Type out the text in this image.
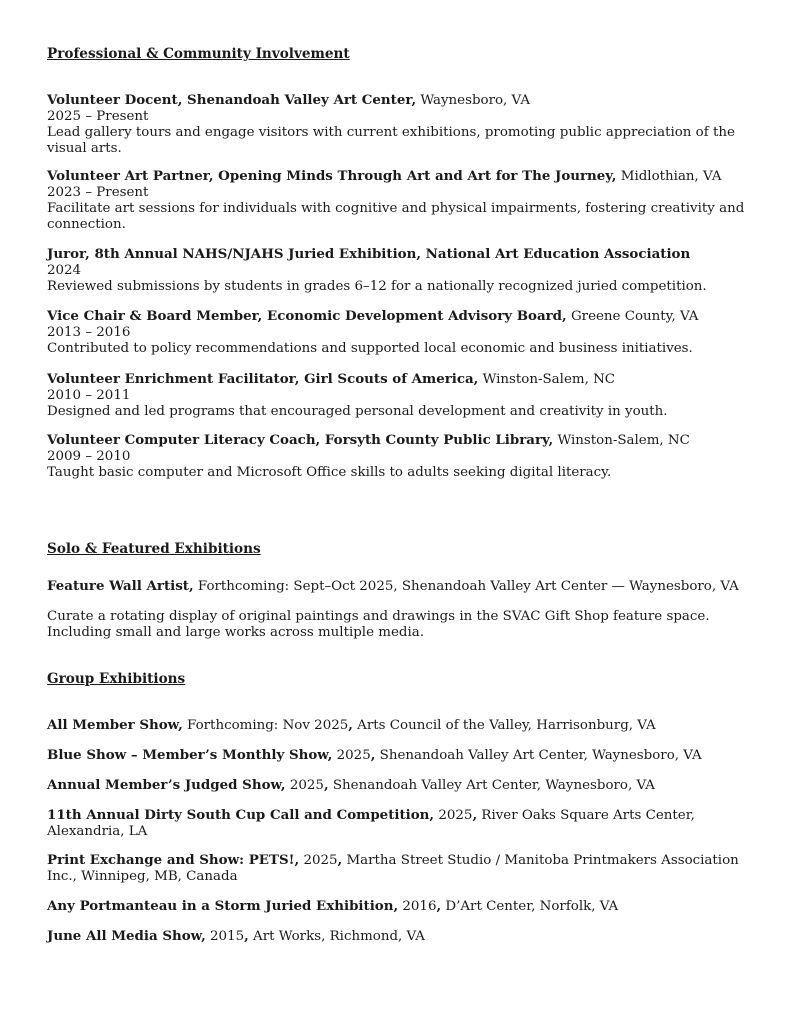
Professional & Community Involvement

Volunteer Docent, Shenandoah Valley Art Center, Waynesboro, VA

2025 – Present

Lead gallery tours and engage visitors with current exhibitions, promoting public appreciation of the visual arts.

Volunteer Art Partner, Opening Minds Through Art and Art for The Journey, Midlothian, VA

2023 – Present

Facilitate art sessions for individuals with cognitive and physical impairments, fostering creativity and connection.

Juror, 8th Annual NAHS/NJAHS Juried Exhibition, National Art Education Association

2024

Reviewed submissions by students in grades 6–12 for a nationally recognized juried competition.

Vice Chair & Board Member, Economic Development Advisory Board, Greene County, VA

2013 – 2016

Contributed to policy recommendations and supported local economic and business initiatives.

Volunteer Enrichment Facilitator, Girl Scouts of America, Winston-Salem, NC

2010 – 2011

Designed and led programs that encouraged personal development and creativity in youth.

Volunteer Computer Literacy Coach, Forsyth County Public Library, Winston-Salem, NC

2009 – 2010

Taught basic computer and Microsoft Office skills to adults seeking digital literacy.

Solo & Featured Exhibitions

Feature Wall Artist, Forthcoming: Sept–Oct 2025, Shenandoah Valley Art Center — Waynesboro, VA

Curate a rotating display of original paintings and drawings in the SVAC Gift Shop feature space. Including small and large works across multiple media.

Group Exhibitions

All Member Show, Forthcoming: Nov 2025, Arts Council of the Valley, Harrisonburg, VA

Blue Show – Member’s Monthly Show, 2025, Shenandoah Valley Art Center, Waynesboro, VA

Annual Member’s Judged Show, 2025, Shenandoah Valley Art Center, Waynesboro, VA

11th Annual Dirty South Cup Call and Competition, 2025, River Oaks Square Arts Center, Alexandria, LA

Print Exchange and Show: PETS!, 2025, Martha Street Studio / Manitoba Printmakers Association Inc., Winnipeg, MB, Canada

Any Portmanteau in a Storm Juried Exhibition, 2016, D’Art Center, Norfolk, VA

June All Media Show, 2015, Art Works, Richmond, VA
